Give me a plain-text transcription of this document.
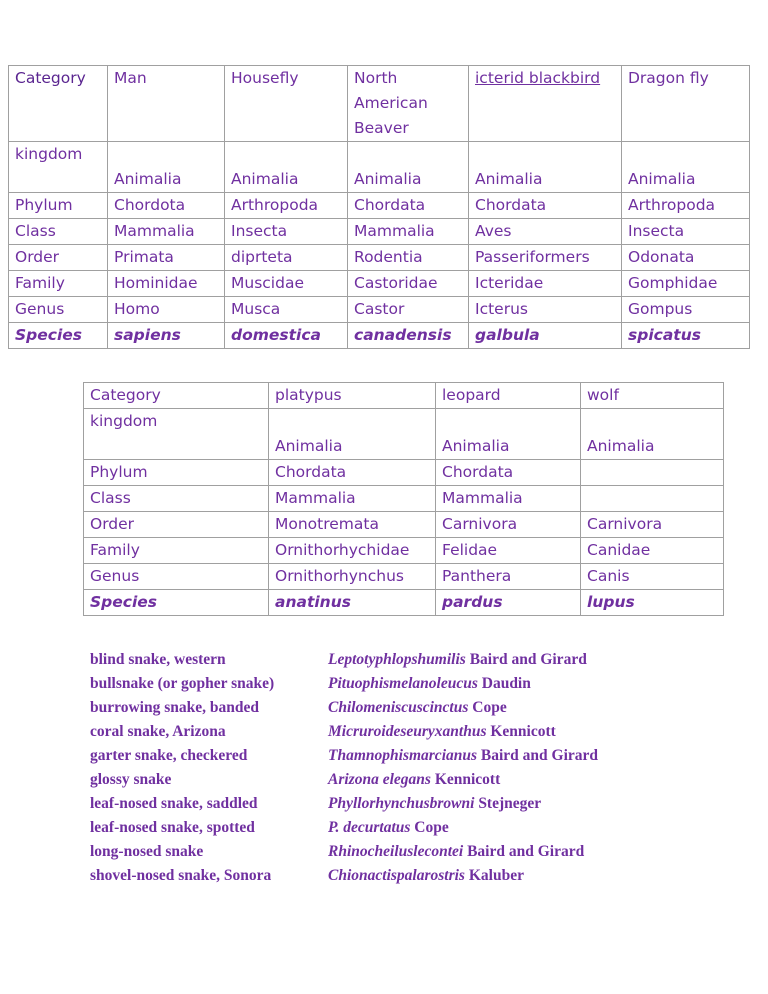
Category	Man	Housefly	North American Beaver	icterid blackbird	Dragon fly
kingdom	Animalia	Animalia	Animalia	Animalia	Animalia
Phylum	Chordota	Arthropoda	Chordata	Chordata	Arthropoda
Class	Mammalia	Insecta	Mammalia	Aves	Insecta
Order	Primata	diprteta	Rodentia	Passeriformers	Odonata
Family	Hominidae	Muscidae	Castoridae	Icteridae	Gomphidae
Genus	Homo	Musca	Castor	Icterus	Gompus
Species	sapiens	domestica	canadensis	galbula	spicatus
Category	platypus	leopard	wolf
kingdom	Animalia	Animalia	Animalia
Phylum	Chordata	Chordata	
Class	Mammalia	Mammalia	
Order	Monotremata	Carnivora	Carnivora
Family	Ornithorhychidae	Felidae	Canidae
Genus	Ornithorhynchus	Panthera	Canis
Species	anatinus	pardus	lupus
blind snake, western	Leptotyphlopshumilis Baird and Girard
bullsnake (or gopher snake)	Pituophismelanoleucus Daudin
burrowing snake, banded	Chilomeniscuscinctus Cope
coral snake, Arizona	Micruroideseuryxanthus Kennicott
garter snake, checkered	Thamnophismarcianus Baird and Girard
glossy snake	Arizona elegans Kennicott
leaf-nosed snake, saddled	Phyllorhynchusbrowni Stejneger
leaf-nosed snake, spotted	P. decurtatus Cope
long-nosed snake	Rhinocheiluslecontei Baird and Girard
shovel-nosed snake, Sonora	Chionactispalarostris Kaluber
